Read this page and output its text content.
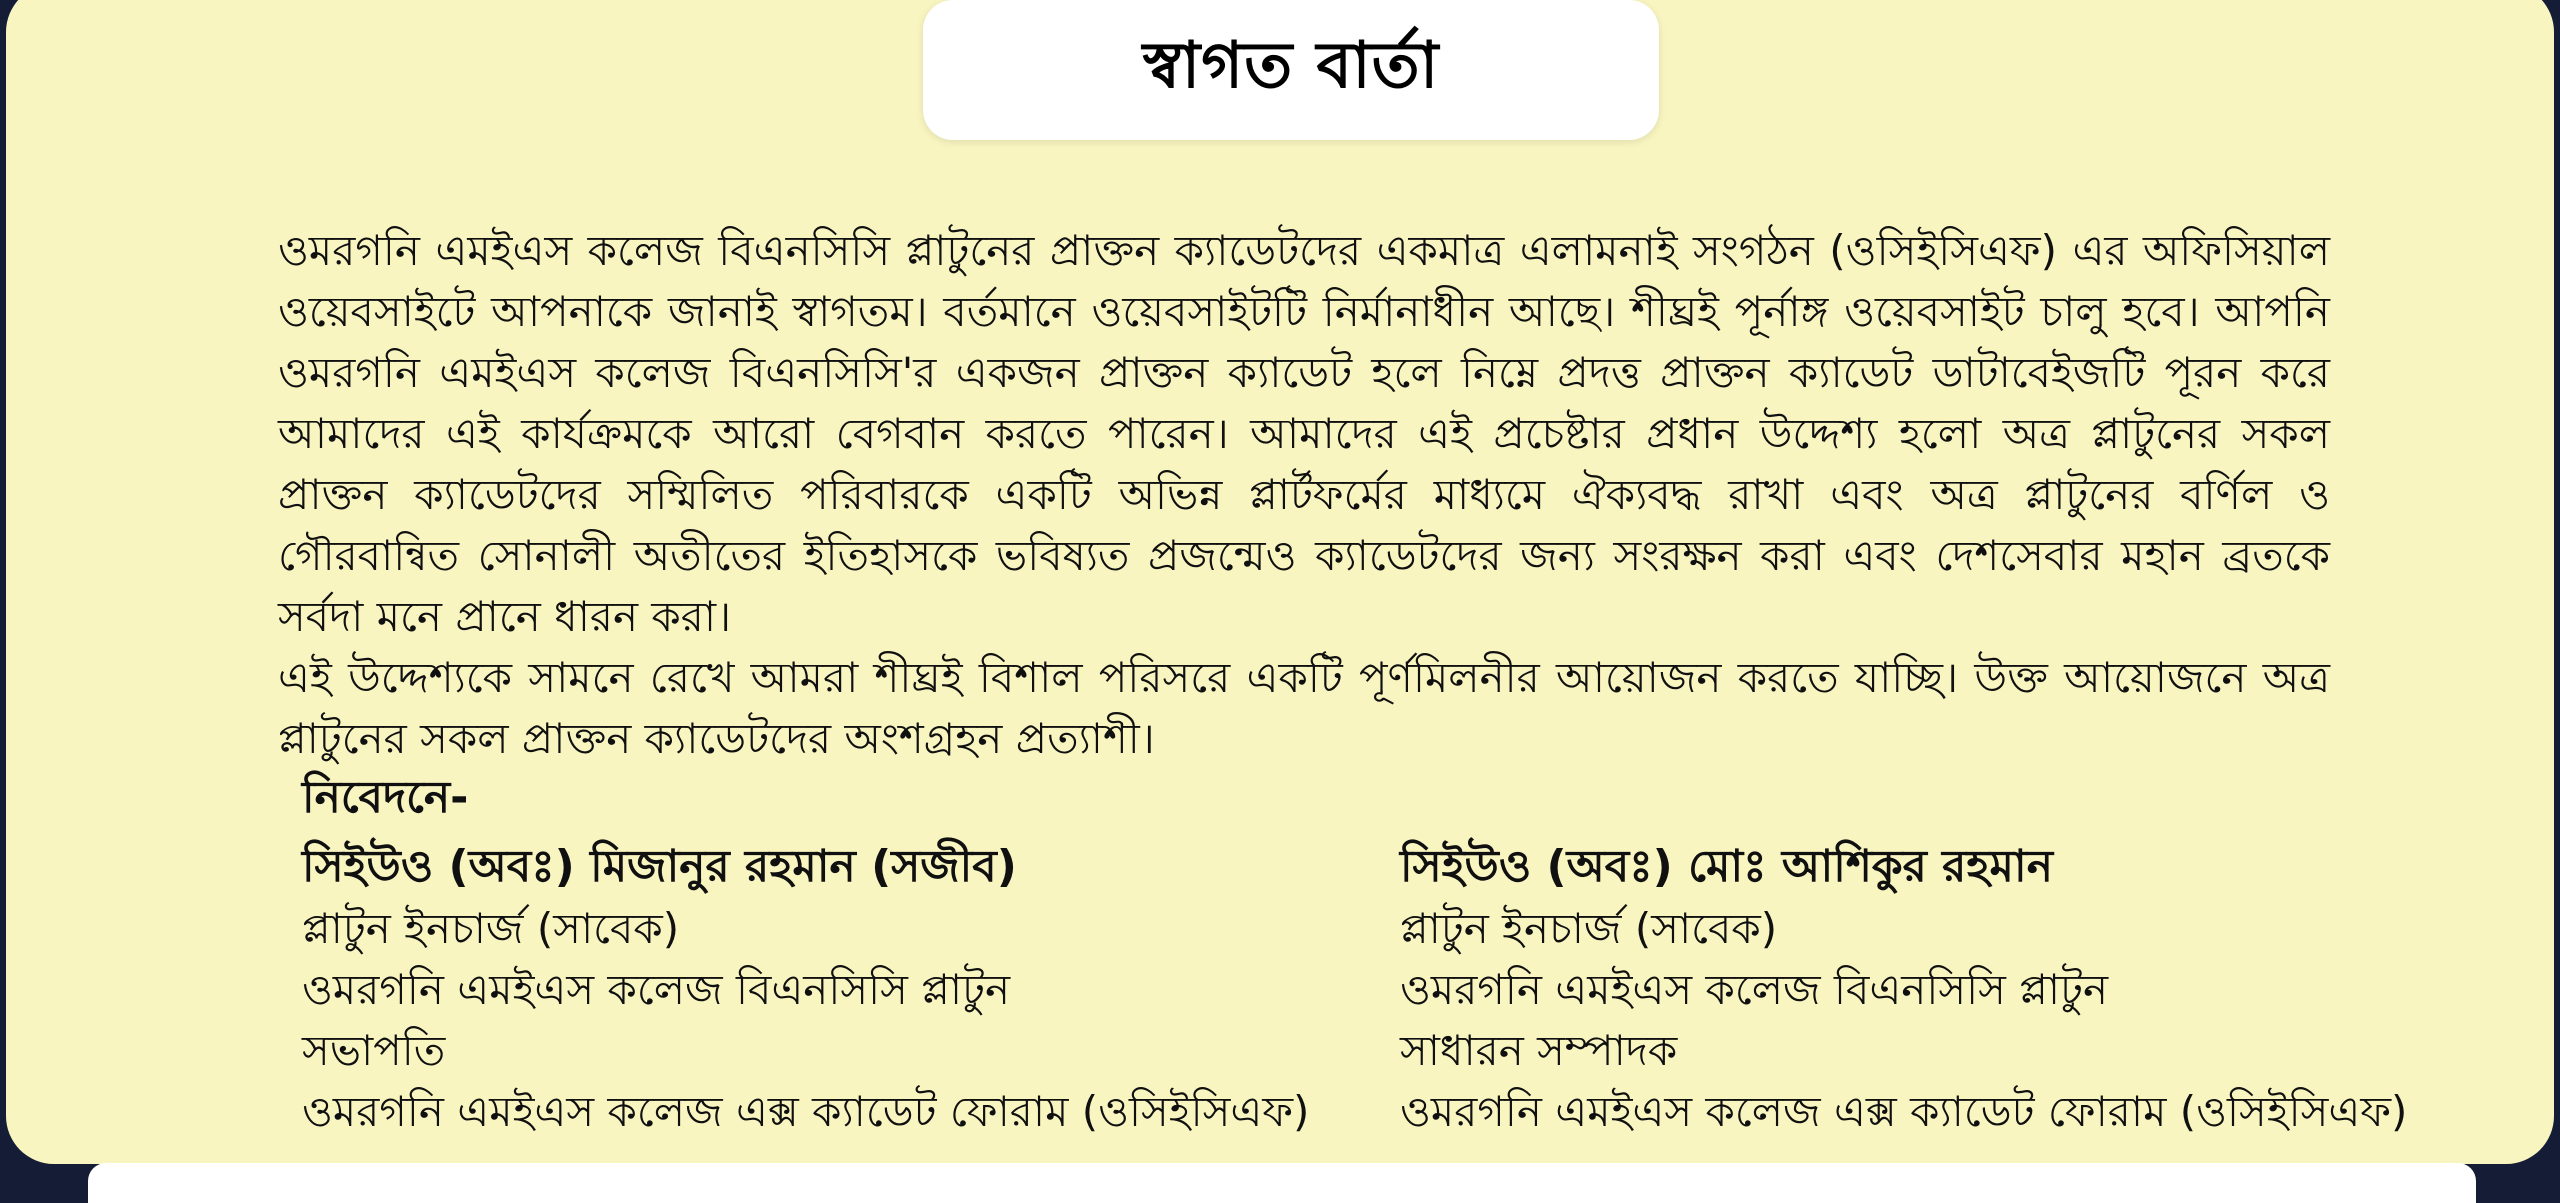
স্বাগত বার্তা

ওমরগনি এমইএস কলেজ বিএনসিসি প্লাটুনের প্রাক্তন ক্যাডেটদের একমাত্র এলামনাই সংগঠন (ওসিইসিএফ) এর অফিসিয়াল ওয়েবসাইটে আপনাকে জানাই স্বাগতম। বর্তমানে ওয়েবসাইটটি নির্মানাধীন আছে। শীঘ্রই পূর্নাঙ্গ ওয়েবসাইট চালু হবে। আপনি ওমরগনি এমইএস কলেজ বিএনসিসি'র একজন প্রাক্তন ক্যাডেট হলে নিম্নে প্রদত্ত প্রাক্তন ক্যাডেট ডাটাবেইজটি পূরন করে আমাদের এই কার্যক্রমকে আরো বেগবান করতে পারেন। আমাদের এই প্রচেষ্টার প্রধান উদ্দেশ্য হলো অত্র প্লাটুনের সকল প্রাক্তন ক্যাডেটদের সম্মিলিত পরিবারকে একটি অভিন্ন প্লার্টফর্মের মাধ্যমে ঐক্যবদ্ধ রাখা এবং অত্র প্লাটুনের বর্ণিল ও গৌরবান্বিত সোনালী অতীতের ইতিহাসকে ভবিষ্যত প্রজন্মেও ক্যাডেটদের জন্য সংরক্ষন করা এবং দেশসেবার মহান ব্রতকে সর্বদা মনে প্রানে ধারন করা।

এই উদ্দেশ্যকে সামনে রেখে আমরা শীঘ্রই বিশাল পরিসরে একটি পূর্ণমিলনীর আয়োজন করতে যাচ্ছি। উক্ত আয়োজনে অত্র প্লাটুনের সকল প্রাক্তন ক্যাডেটদের অংশগ্রহন প্রত্যাশী।

নিবেদনে-
সিইউও (অবঃ) মিজানুর রহমান (সজীব)
প্লাটুন ইনচার্জ (সাবেক)
ওমরগনি এমইএস কলেজ বিএনসিসি প্লাটুন
সভাপতি
ওমরগনি এমইএস কলেজ এক্স ক্যাডেট ফোরাম (ওসিইসিএফ)
সিইউও (অবঃ) মোঃ আশিকুর রহমান
প্লাটুন ইনচার্জ (সাবেক)
ওমরগনি এমইএস কলেজ বিএনসিসি প্লাটুন
সাধারন সম্পাদক
ওমরগনি এমইএস কলেজ এক্স ক্যাডেট ফোরাম (ওসিইসিএফ)
